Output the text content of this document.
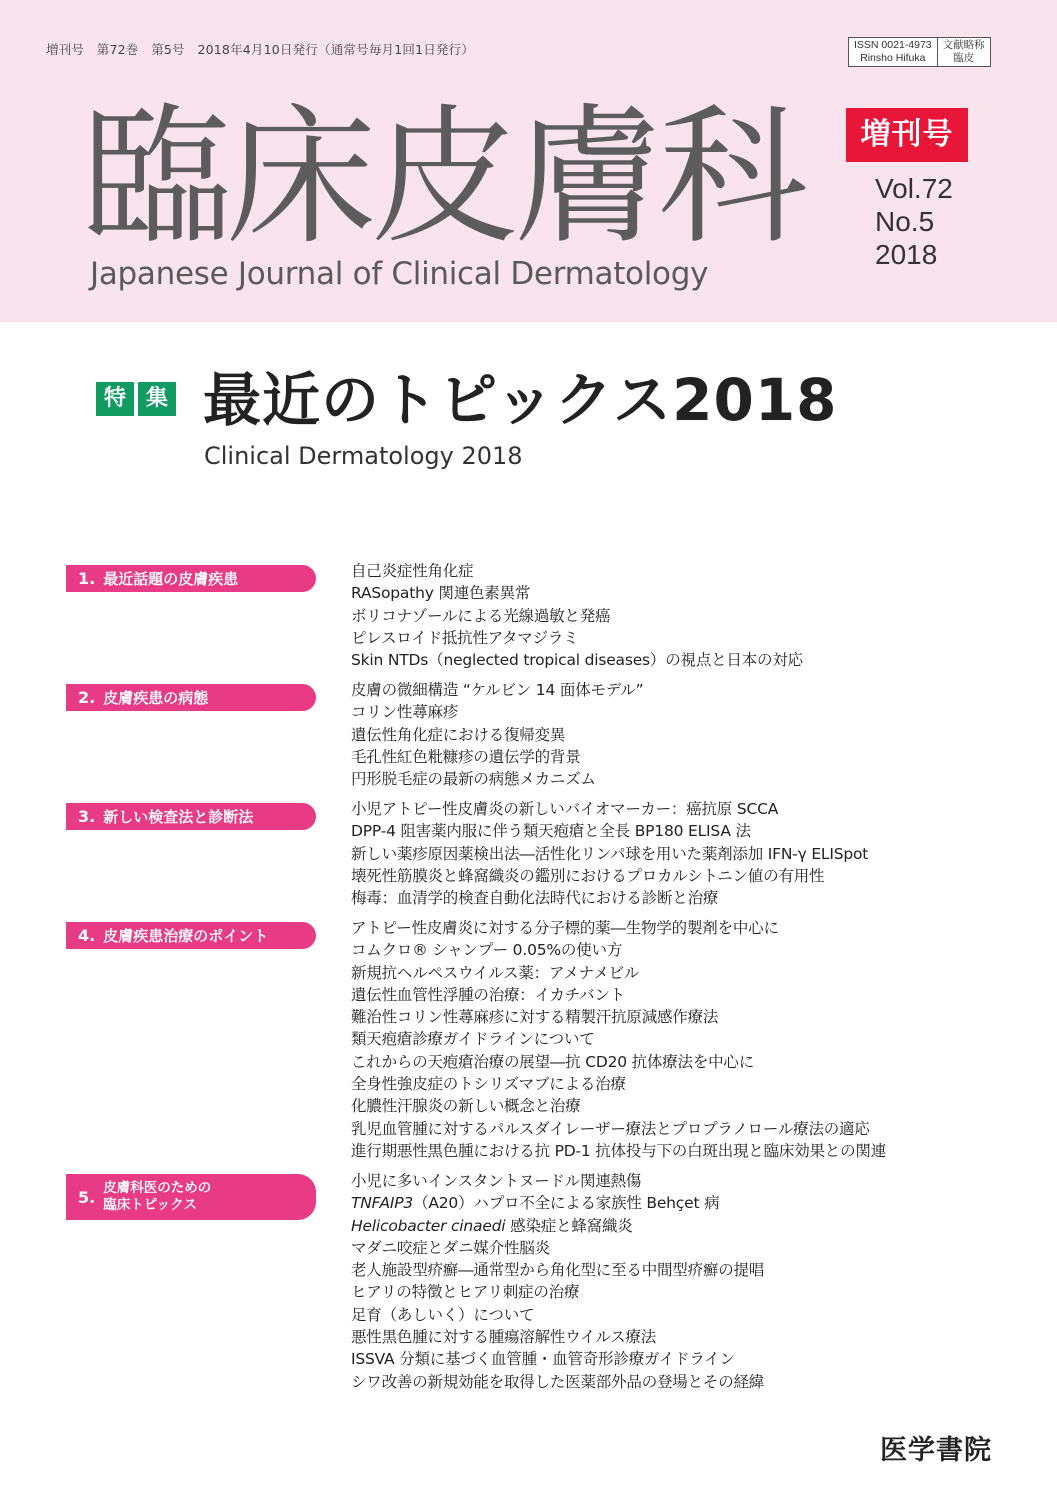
増刊号　第72巻　第5号　2018年4月10日発行（通常号毎月1回1日発行）	ISSN 0021-4973
Rinsho Hifuka
文献略称
臨皮
臨床皮膚科
Japanese Journal of Clinical Dermatology
増刊号
Vol.72
No.5
2018
特 集 最近のトピックス2018
Clinical Dermatology 2018
1. 最近話題の皮膚疾患	自己炎症性角化症
RASopathy 関連色素異常
ボリコナゾールによる光線過敏と発癌
ピレスロイド抵抗性アタマジラミ
Skin NTDs（neglected tropical diseases）の視点と日本の対応
2. 皮膚疾患の病態	皮膚の微細構造 “ケルビン 14 面体モデル”
コリン性蕁麻疹
遺伝性角化症における復帰変異
毛孔性紅色粃糠疹の遺伝学的背景
円形脱毛症の最新の病態メカニズム
3. 新しい検査法と診断法	小児アトピー性皮膚炎の新しいバイオマーカー：癌抗原 SCCA
DPP-4 阻害薬内服に伴う類天疱瘡と全長 BP180 ELISA 法
新しい薬疹原因薬検出法―活性化リンパ球を用いた薬剤添加 IFN-γ ELISpot
壊死性筋膜炎と蜂窩織炎の鑑別におけるプロカルシトニン値の有用性
梅毒：血清学的検査自動化法時代における診断と治療
4. 皮膚疾患治療のポイント	アトピー性皮膚炎に対する分子標的薬―生物学的製剤を中心に
コムクロ® シャンプー 0.05%の使い方
新規抗ヘルペスウイルス薬：アメナメビル
遺伝性血管性浮腫の治療：イカチバント
難治性コリン性蕁麻疹に対する精製汗抗原減感作療法
類天疱瘡診療ガイドラインについて
これからの天疱瘡治療の展望―抗 CD20 抗体療法を中心に
全身性強皮症のトシリズマブによる治療
化膿性汗腺炎の新しい概念と治療
乳児血管腫に対するパルスダイレーザー療法とプロプラノロール療法の適応
進行期悪性黒色腫における抗 PD-1 抗体投与下の白斑出現と臨床効果との関連
5. 皮膚科医のための
臨床トピックス
小児に多いインスタントヌードル関連熱傷
TNFAIP3（A20）ハプロ不全による家族性 Behçet 病
Helicobacter cinaedi 感染症と蜂窩織炎
マダニ咬症とダニ媒介性脳炎
老人施設型疥癬―通常型から角化型に至る中間型疥癬の提唱
ヒアリの特徴とヒアリ刺症の治療
足育（あしいく）について
悪性黒色腫に対する腫瘍溶解性ウイルス療法
ISSVA 分類に基づく血管腫・血管奇形診療ガイドライン
シワ改善の新規効能を取得した医薬部外品の登場とその経緯
医学書院
